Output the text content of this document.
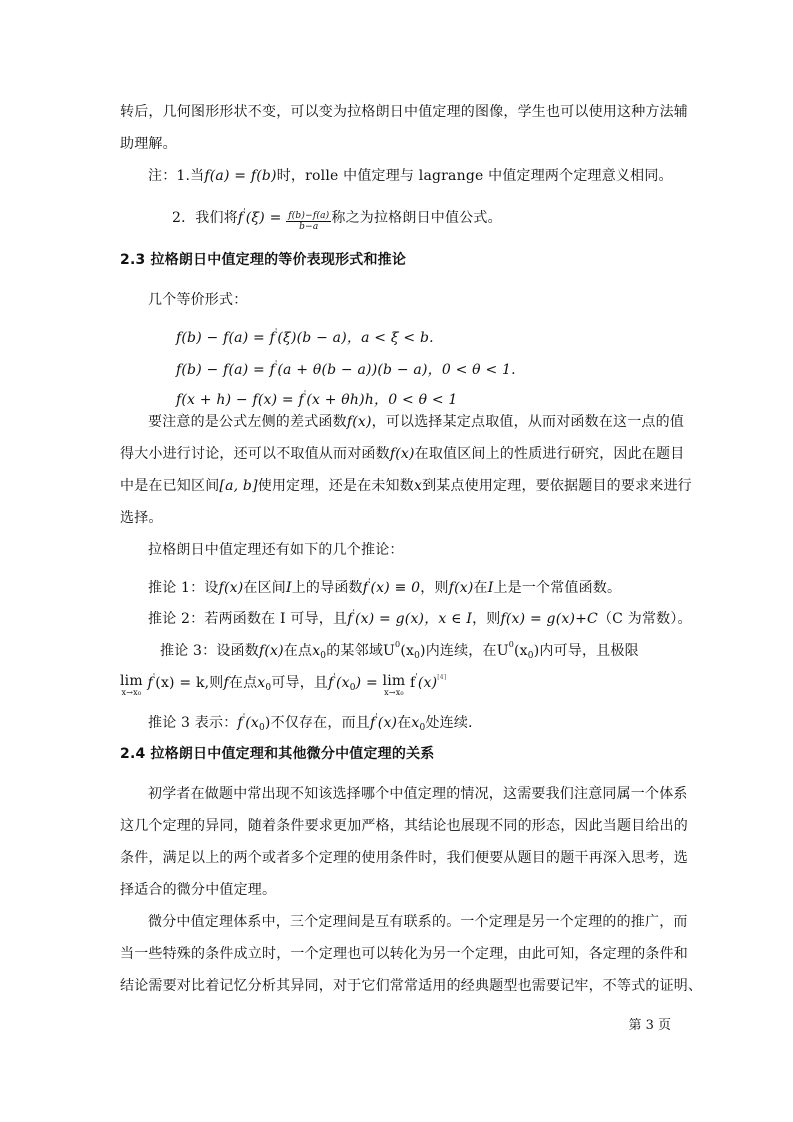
转后，几何图形形状不变，可以变为拉格朗日中值定理的图像，学生也可以使用这种方法辅
助理解。
注：1.当f(a) = f(b)时，rolle 中值定理与 lagrange 中值定理两个定理意义相同。
2．我们将$f'(\xi) = \frac{f(b)-f(a)}{b-a}$ 称之为拉格朗日中值公式。
2.3 拉格朗日中值定理的等价表现形式和推论
几个等价形式：
f(b) − f(a) = f'(ξ)(b − a)，a < ξ < b.
f(b) − f(a) = f'(a + θ(b − a))(b − a)，0 < θ < 1.
f(x + h) − f(x) = f'(x + θh)h，0 < θ < 1
要注意的是公式左侧的差式函数f(x)，可以选择某定点取值，从而对函数在这一点的值
得大小进行讨论，还可以不取值从而对函数f(x)在取值区间上的性质进行研究，因此在题目
中是在已知区间[a, b]使用定理，还是在未知数x到某点使用定理，要依据题目的要求来进行
选择。
拉格朗日中值定理还有如下的几个推论：
推论 1：设f(x)在区间I上的导函数f'(x) ≡ 0，则f(x)在I上是一个常值函数。
推论 2：若两函数在 I 可导，且f'(x) = g(x)，x ∈ I，则f(x) = g(x)+C（C 为常数）。
推论 3：设函数f(x)在点$x_0$的某邻域$U^0(x_0)$内连续，在$U^0(x_0)$内可导，且极限
lim
x→x₀
f'(x) = k,则f在点$x_0$可导，且$f'(x_0) = \lim$
x→x₀
f'(x)[4]
推论 3 表示：$f'(x_0)$不仅存在，而且f'(x)在$x_0$处连续.
2.4 拉格朗日中值定理和其他微分中值定理的关系
初学者在做题中常出现不知该选择哪个中值定理的情况，这需要我们注意同属一个体系
这几个定理的异同，随着条件要求更加严格，其结论也展现不同的形态，因此当题目给出的
条件，满足以上的两个或者多个定理的使用条件时，我们便要从题目的题干再深入思考，选
择适合的微分中值定理。
微分中值定理体系中，三个定理间是互有联系的。一个定理是另一个定理的的推广，而
当一些特殊的条件成立时，一个定理也可以转化为另一个定理，由此可知，各定理的条件和
结论需要对比着记忆分析其异同，对于它们常常适用的经典题型也需要记牢，不等式的证明、
第 3 页
